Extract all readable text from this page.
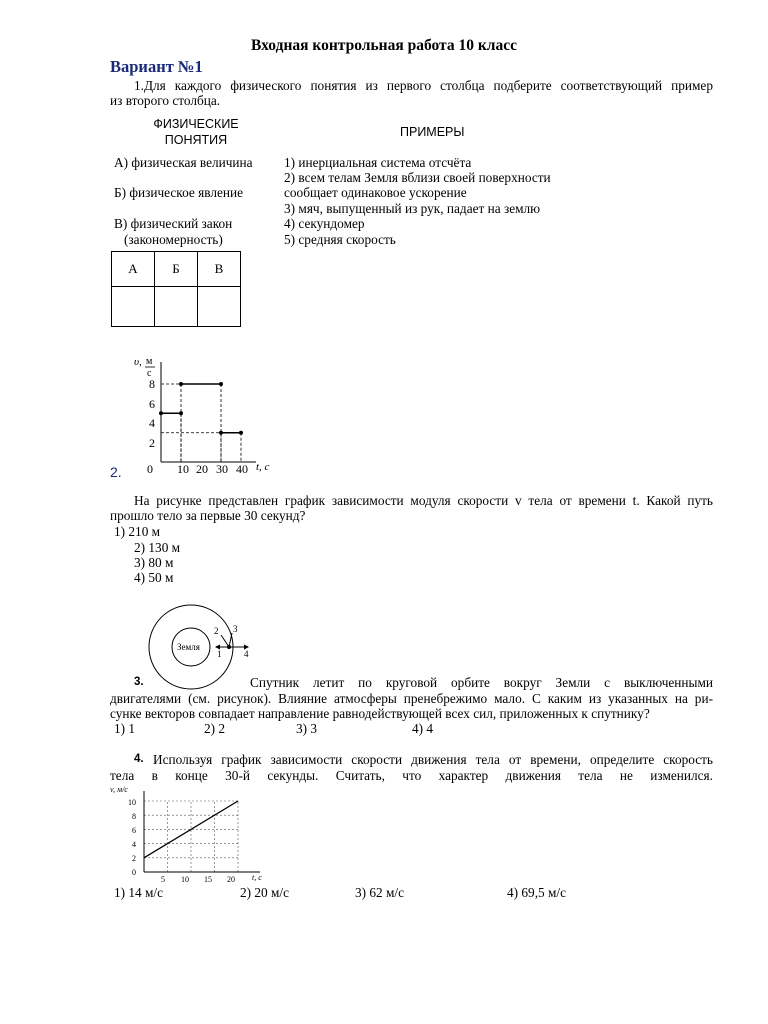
Входная контрольная работа 10 класс
Вариант №1
1.Для каждого физического понятия из первого столбца подберите соответствующий пример
из второго столбца.
ФИЗИЧЕСКИЕ
ПОНЯТИЯ
ПРИМЕРЫ
А) физическая величина
Б) физическое явление
В) физический закон
(закономерность)
1) инерциальная система отсчёта
2) всем телам Земля вблизи своей поверхности
сообщает одинаковое ускорение
3) мяч, выпущенный из рук, падает на землю
4) секундомер
5) средняя скорость
А	Б	В

υ, м
с
0 10 20 30 40 t, с
8
6
4
2
2.
На рисунке представлен график зависимости модуля скорости v тела от времени t. Какой путь
прошло тело за первые 30 секунд?
1) 210 м
2) 130 м
3) 80 м
4) 50 м
Земля
1
2 3
4
3.	Спутник летит по круговой орбите вокруг Земли с выключенными
двигателями (см. рисунок). Влияние атмосферы пренебрежимо мало. С каким из указанных на ри-
сунке векторов совпадает направление равнодействующей всех сил, приложенных к спутнику?
1) 1	2) 2	3) 3	4) 4
4. Используя график зависимости скорости движения тела от времени, определите скорость
тела в конце 30-й секунды. Считать, что характер движения тела не изменился.
v, м/с
10
8
6
4
2
0
5 10 15 20 t, с
1) 14 м/с	2) 20 м/с	3) 62 м/с	4) 69,5 м/с
